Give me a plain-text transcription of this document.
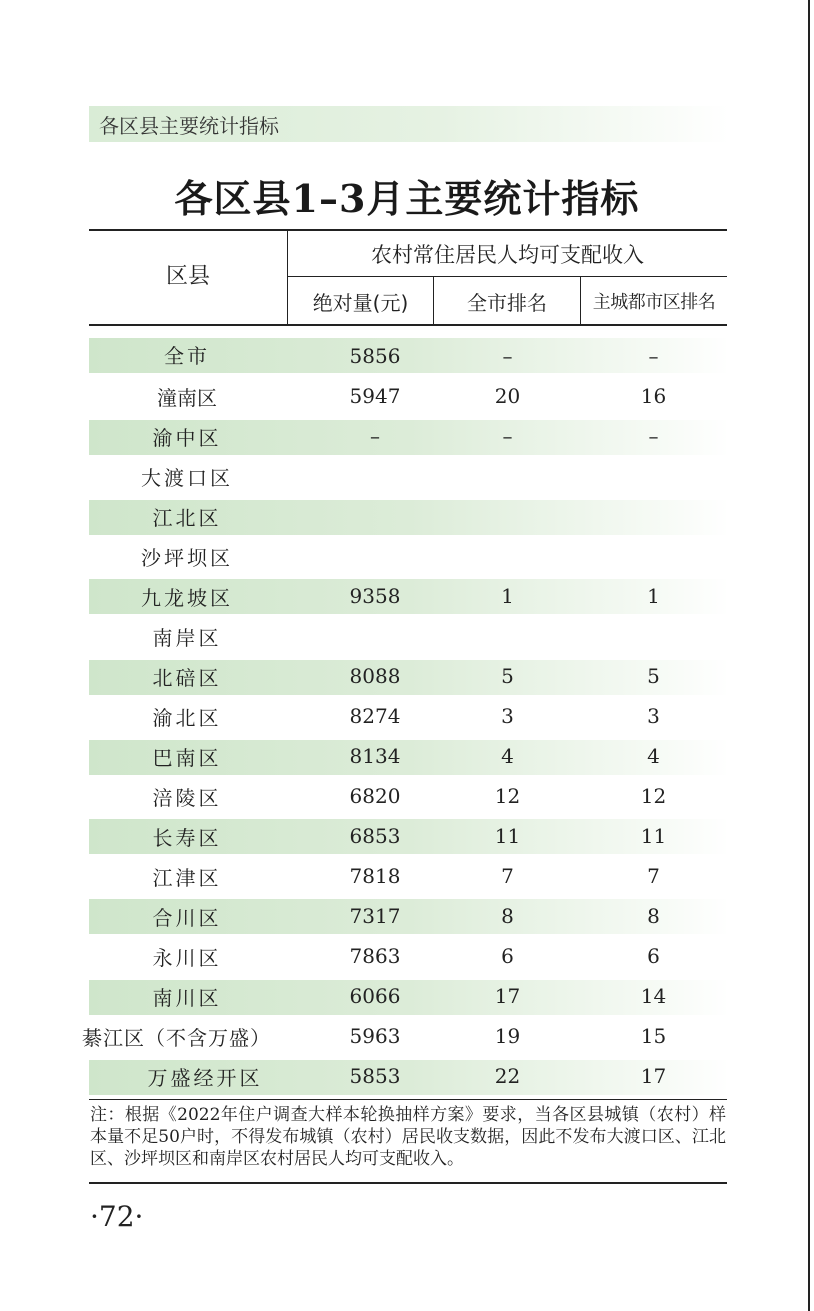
各区县主要统计指标
各区县1–3月主要统计指标
区县
农村常住居民人均可支配收入
绝对量(元)	全市排名	主城都市区排名
全市	5856	–	–
潼南区	5947	20	16
渝中区	–	–	–
大渡口区
江北区
沙坪坝区
九龙坡区	9358	1	1
南岸区
北碚区	8088	5	5
渝北区	8274	3	3
巴南区	8134	4	4
涪陵区	6820	12	12
长寿区	6853	11	11
江津区	7818	7	7
合川区	7317	8	8
永川区	7863	6	6
南川区	6066	17	14
綦江区（不含万盛）	5963	19	15
万盛经开区	5853	22	17
注：根据《2022年住户调查大样本轮换抽样方案》要求，当各区县城镇（农村）样本量不足50户时，不得发布城镇（农村）居民收支数据，因此不发布大渡口区、江北区、沙坪坝区和南岸区农村居民人均可支配收入。
·72·
